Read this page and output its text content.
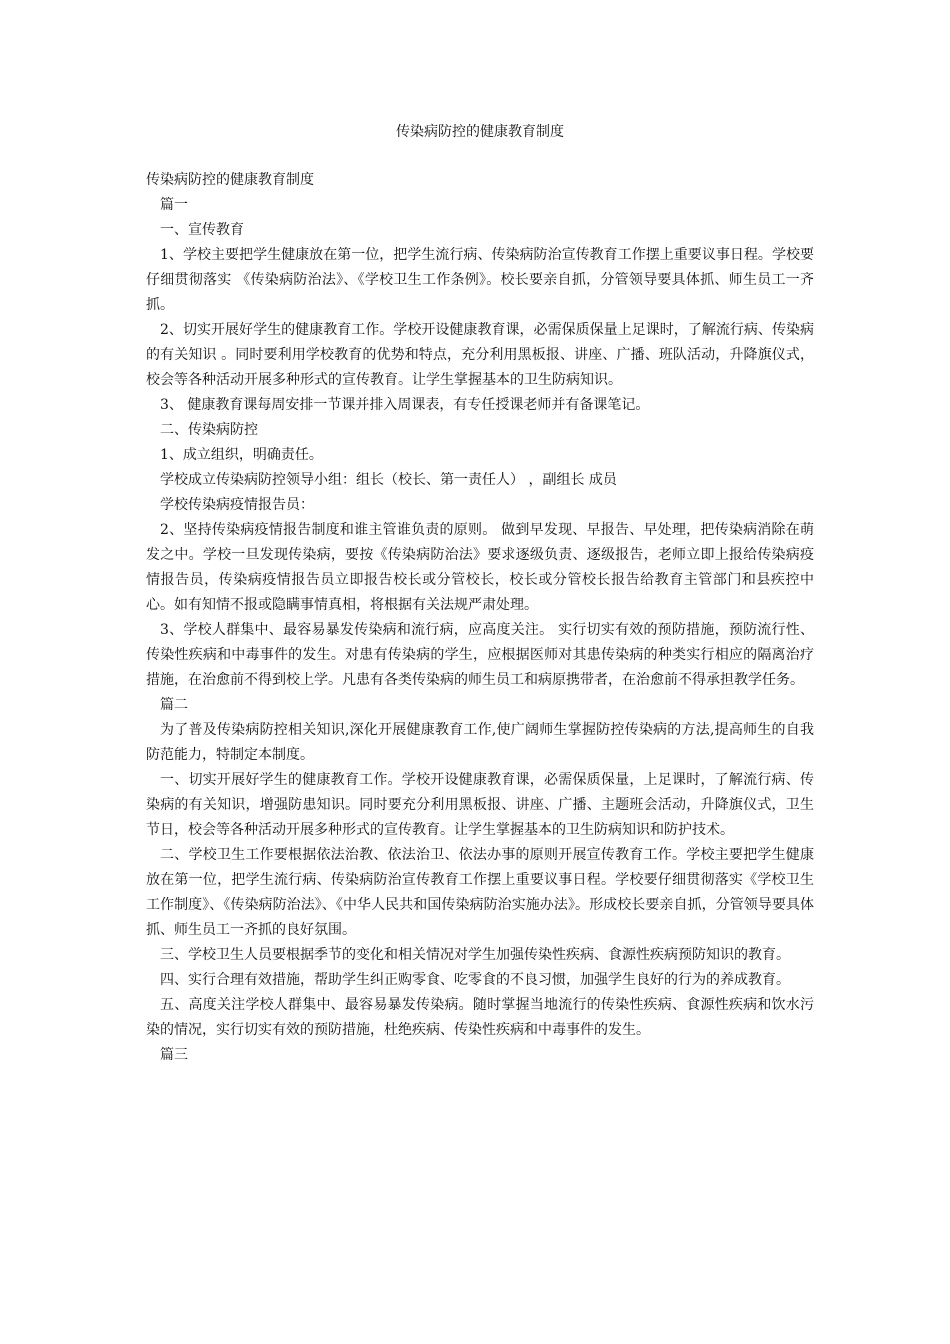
传染病防控的健康教育制度

传染病防控的健康教育制度

篇一

一、宣传教育

1、学校主要把学生健康放在第一位，把学生流行病、传染病防治宣传教育工作摆上重要议事日程。学校要仔细贯彻落实 《传染病防治法》、《学校卫生工作条例》。校长要亲自抓，分管领导要具体抓、师生员工一齐抓。

2、切实开展好学生的健康教育工作。学校开设健康教育课，必需保质保量上足课时，了解流行病、传染病的有关知识 。同时要利用学校教育的优势和特点，充分利用黑板报、讲座、广播、班队活动，升降旗仪式，校会等各种活动开展多种形式的宣传教育。让学生掌握基本的卫生防病知识。

3、 健康教育课每周安排一节课并排入周课表，有专任授课老师并有备课笔记。

二、传染病防控

1、成立组织，明确责任。

学校成立传染病防控领导小组：组长（校长、第一责任人） ，副组长 成员

学校传染病疫情报告员：

2、坚持传染病疫情报告制度和谁主管谁负责的原则。 做到早发现、早报告、早处理，把传染病消除在萌发之中。学校一旦发现传染病，要按《传染病防治法》要求逐级负责、逐级报告，老师立即上报给传染病疫情报告员，传染病疫情报告员立即报告校长或分管校长，校长或分管校长报告给教育主管部门和县疾控中心。如有知情不报或隐瞒事情真相，将根据有关法规严肃处理。

3、学校人群集中、最容易暴发传染病和流行病，应高度关注。 实行切实有效的预防措施，预防流行性、传染性疾病和中毒事件的发生。对患有传染病的学生，应根据医师对其患传染病的种类实行相应的隔离治疗措施，在治愈前不得到校上学。凡患有各类传染病的师生员工和病原携带者，在治愈前不得承担教学任务。

篇二

为了普及传染病防控相关知识,深化开展健康教育工作,使广阔师生掌握防控传染病的方法,提高师生的自我防范能力，特制定本制度。

一、切实开展好学生的健康教育工作。学校开设健康教育课，必需保质保量，上足课时，了解流行病、传染病的有关知识，增强防患知识。同时要充分利用黑板报、讲座、广播、主题班会活动，升降旗仪式，卫生节日，校会等各种活动开展多种形式的宣传教育。让学生掌握基本的卫生防病知识和防护技术。

二、学校卫生工作要根据依法治教、依法治卫、依法办事的原则开展宣传教育工作。学校主要把学生健康放在第一位，把学生流行病、传染病防治宣传教育工作摆上重要议事日程。学校要仔细贯彻落实《学校卫生工作制度》、《传染病防治法》、《中华人民共和国传染病防治实施办法》。形成校长要亲自抓，分管领导要具体抓、师生员工一齐抓的良好氛围。

三、学校卫生人员要根据季节的变化和相关情况对学生加强传染性疾病、食源性疾病预防知识的教育。

四、实行合理有效措施，帮助学生纠正购零食、吃零食的不良习惯，加强学生良好的行为的养成教育。

五、高度关注学校人群集中、最容易暴发传染病。随时掌握当地流行的传染性疾病、食源性疾病和饮水污染的情况，实行切实有效的预防措施，杜绝疾病、传染性疾病和中毒事件的发生。

篇三
